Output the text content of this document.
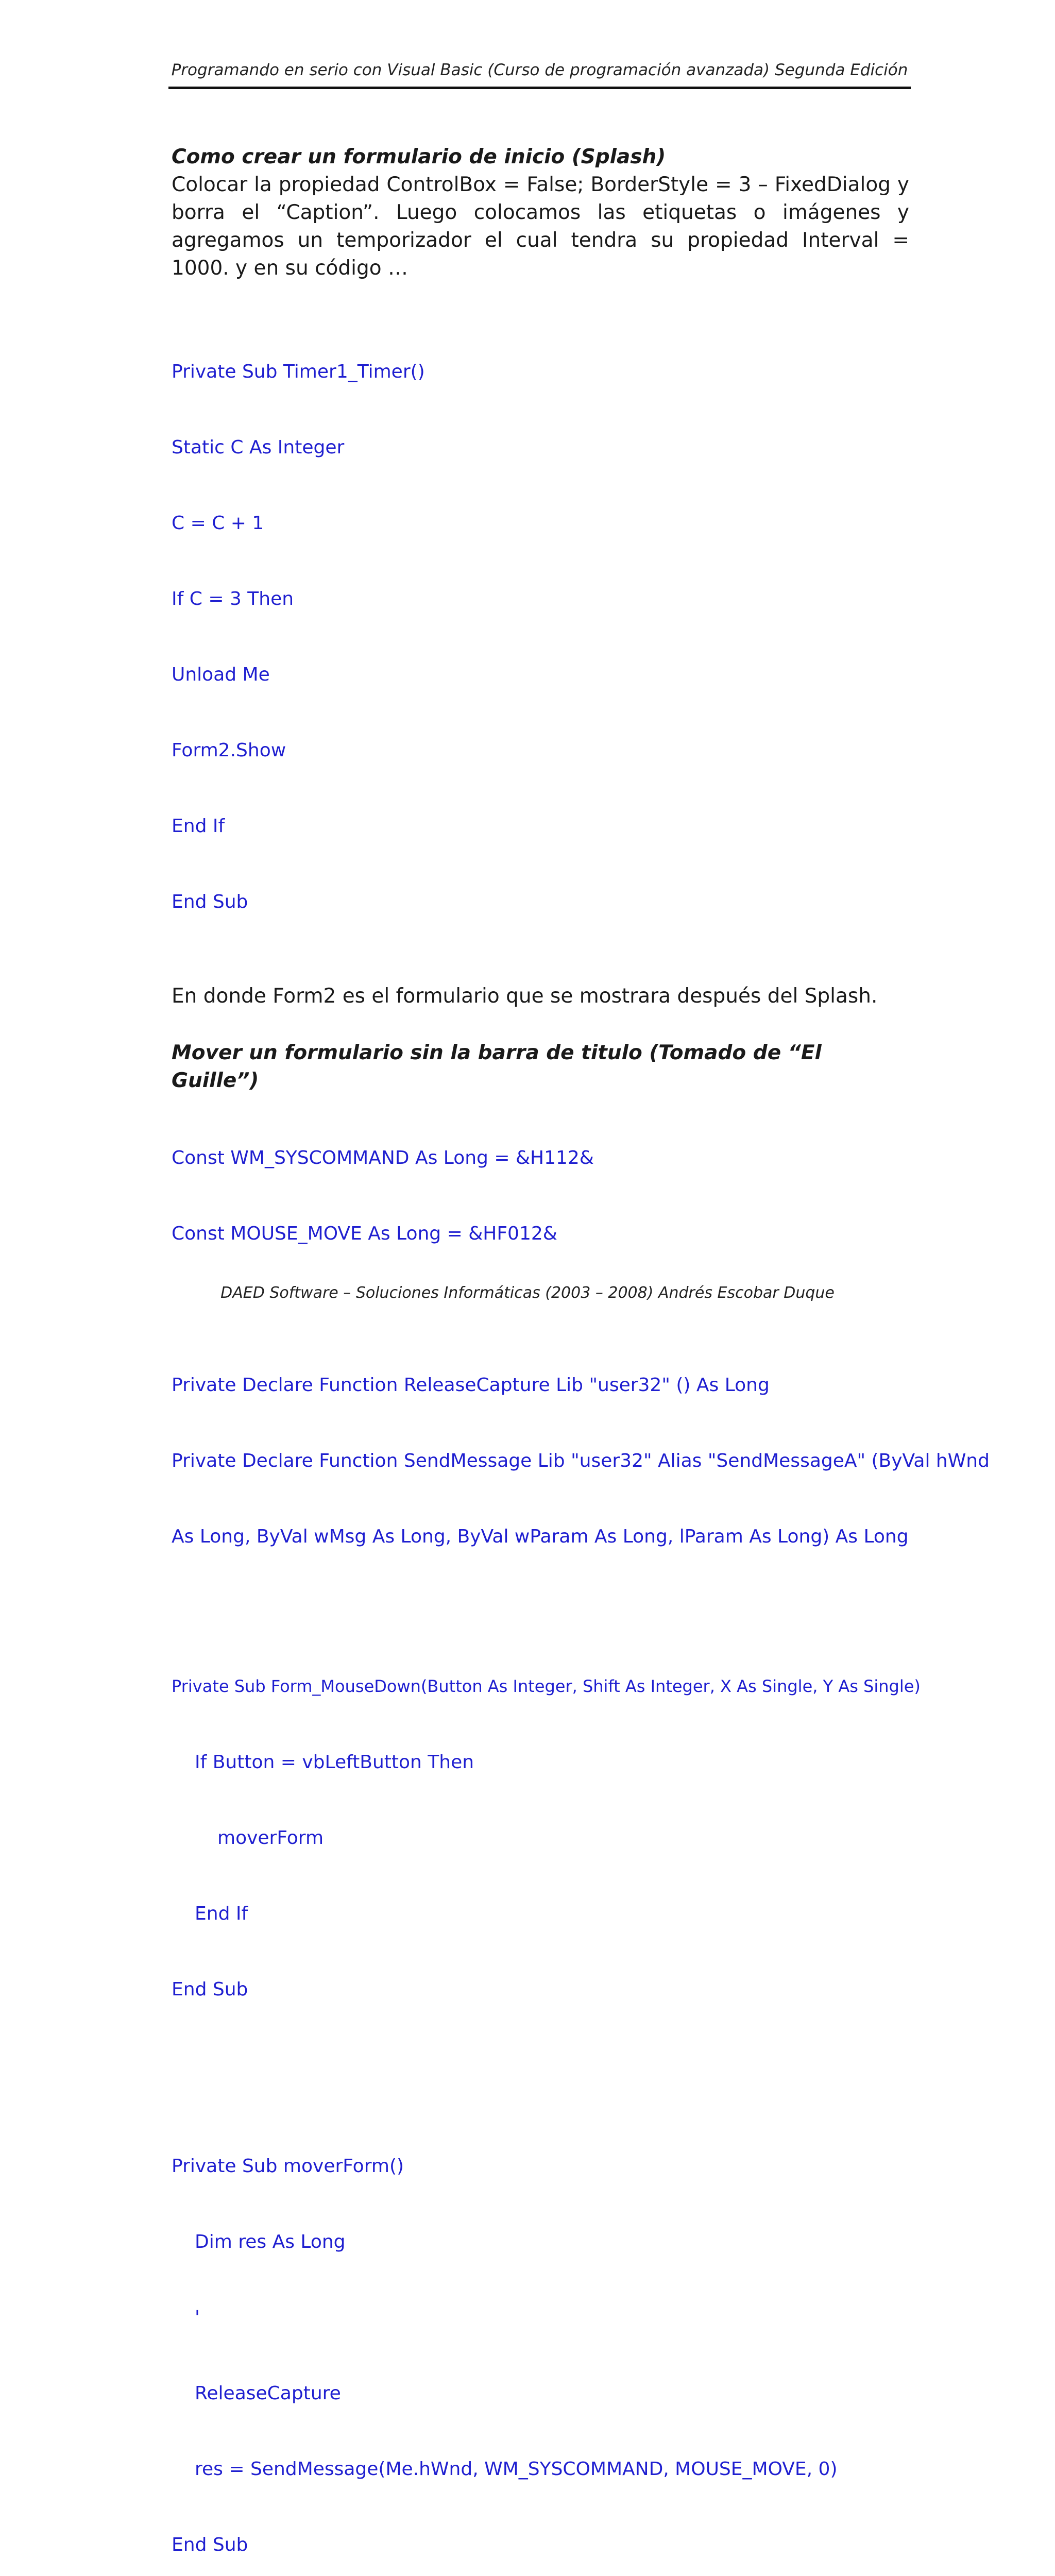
Programando en serio con Visual Basic (Curso de programación avanzada) Segunda Edición

Como crear un formulario de inicio (Splash)

Colocar la propiedad ControlBox = False; BorderStyle = 3 – FixedDialog y borra el “Caption”. Luego colocamos las etiquetas o imágenes y agregamos un temporizador el cual tendra su propiedad Interval = 1000. y en su código …

Private Sub Timer1_Timer()

Static C As Integer

C = C + 1

If C = 3 Then

Unload Me

Form2.Show

End If

End Sub

En donde Form2 es el formulario que se mostrara después del Splash.

Mover un formulario sin la barra de titulo (Tomado de “El Guille”)

Const WM_SYSCOMMAND As Long = &H112&

Const MOUSE_MOVE As Long = &HF012&

Private Declare Function ReleaseCapture Lib "user32" () As Long

Private Declare Function SendMessage Lib "user32" Alias "SendMessageA" (ByVal hWnd

As Long, ByVal wMsg As Long, ByVal wParam As Long, lParam As Long) As Long

Private Sub Form_MouseDown(Button As Integer, Shift As Integer, X As Single, Y As Single)

If Button = vbLeftButton Then

moverForm

End If

End Sub

Private Sub moverForm()

Dim res As Long

'

ReleaseCapture

res = SendMessage(Me.hWnd, WM_SYSCOMMAND, MOUSE_MOVE, 0)

End Sub

DAED Software – Soluciones Informáticas (2003 – 2008) Andrés Escobar Duque
